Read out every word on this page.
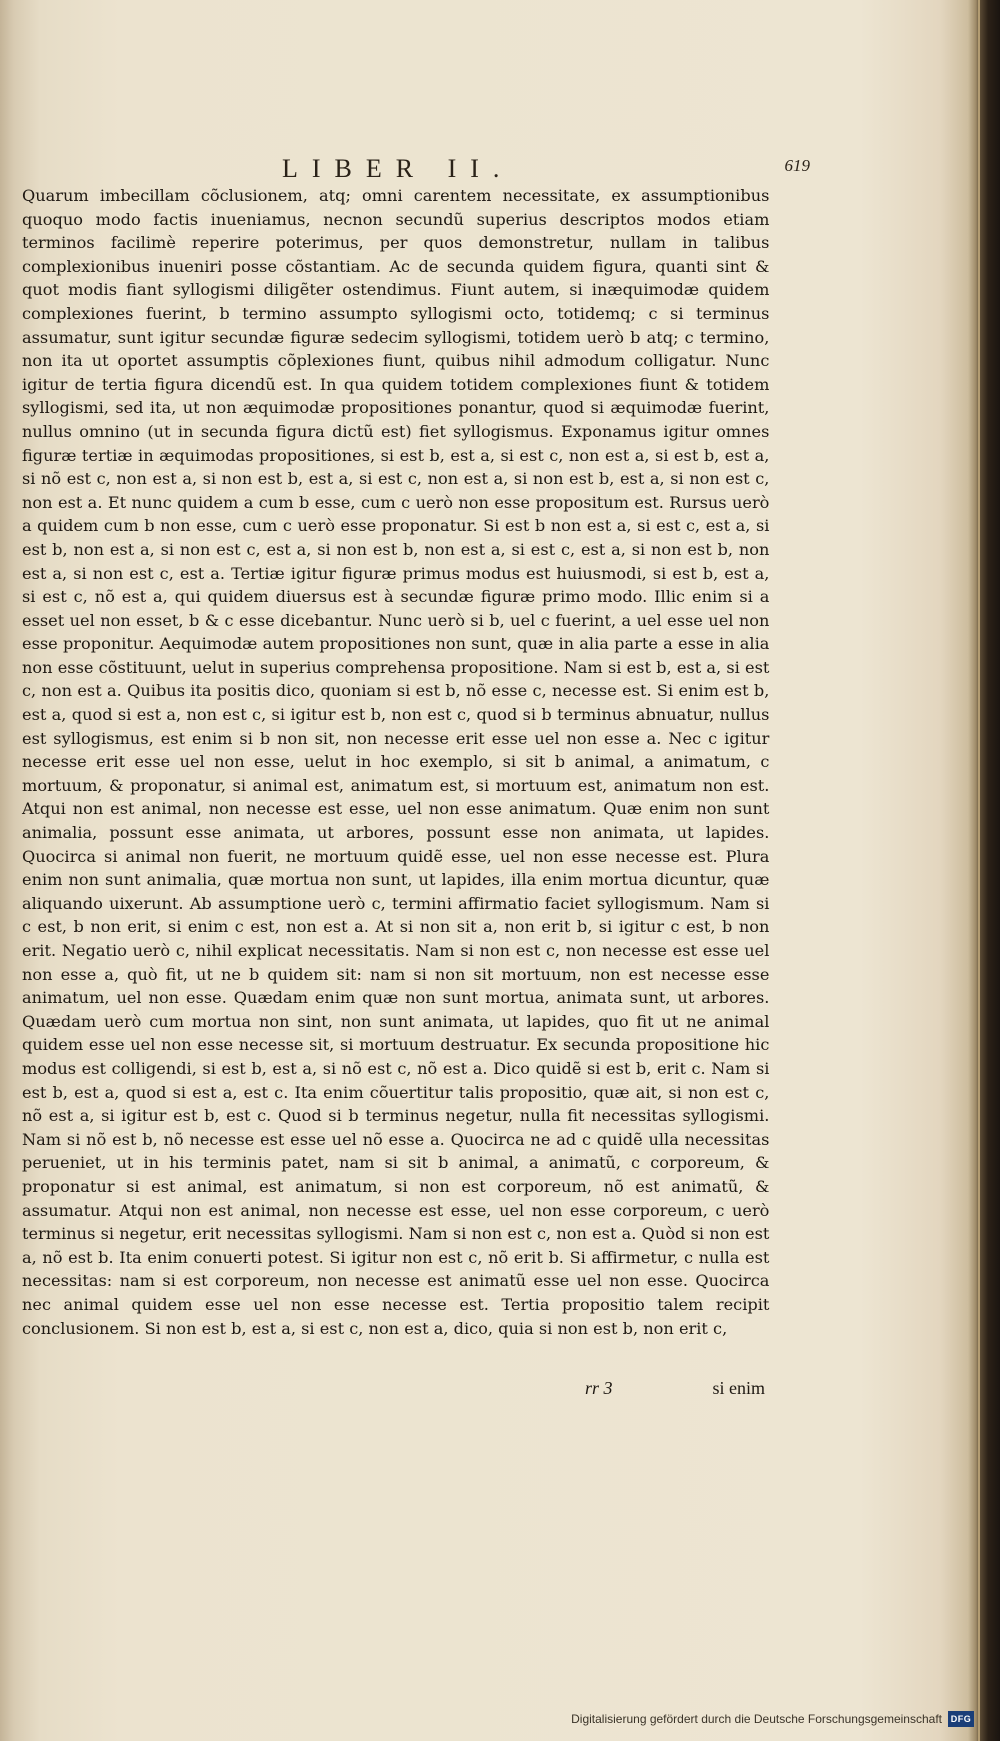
LIBER II.	619

Quarum imbecillam cõclusionem, atq; omni carentem necessitate, ex assumptionibus quoquo modo factis inueniamus, necnon secundũ superius descriptos modos etiam terminos facilimè reperire poterimus, per quos demonstretur, nullam in talibus complexionibus inueniri posse cõstantiam. Ac de secunda quidem figura, quanti sint & quot modis fiant syllogismi diligẽter ostendimus. Fiunt autem, si inæquimodæ quidem complexiones fuerint, b termino assumpto syllogismi octo, totidemq; c si terminus assumatur, sunt igitur secundæ figuræ sedecim syllogismi, totidem uerò b atq; c termino, non ita ut oportet assumptis cõplexiones fiunt, quibus nihil admodum colligatur. Nunc igitur de tertia figura dicendũ est. In qua quidem totidem complexiones fiunt & totidem syllogismi, sed ita, ut non æquimodæ propositiones ponantur, quod si æquimodæ fuerint, nullus omnino (ut in secunda figura dictũ est) fiet syllogismus. Exponamus igitur omnes figuræ tertiæ in æquimodas propositiones, si est b, est a, si est c, non est a, si est b, est a, si nõ est c, non est a, si non est b, est a, si est c, non est a, si non est b, est a, si non est c, non est a. Et nunc quidem a cum b esse, cum c uerò non esse propositum est. Rursus uerò a quidem cum b non esse, cum c uerò esse proponatur. Si est b non est a, si est c, est a, si est b, non est a, si non est c, est a, si non est b, non est a, si est c, est a, si non est b, non est a, si non est c, est a. Tertiæ igitur figuræ primus modus est huiusmodi, si est b, est a, si est c, nõ est a, qui quidem diuersus est à secundæ figuræ primo modo. Illic enim si a esset uel non esset, b & c esse dicebantur. Nunc uerò si b, uel c fuerint, a uel esse uel non esse proponitur. Aequimodæ autem propositiones non sunt, quæ in alia parte a esse in alia non esse cõstituunt, uelut in superius comprehensa propositione. Nam si est b, est a, si est c, non est a. Quibus ita positis dico, quoniam si est b, nõ esse c, necesse est. Si enim est b, est a, quod si est a, non est c, si igitur est b, non est c, quod si b terminus abnuatur, nullus est syllogismus, est enim si b non sit, non necesse erit esse uel non esse a. Nec c igitur necesse erit esse uel non esse, uelut in hoc exemplo, si sit b animal, a animatum, c mortuum, & proponatur, si animal est, animatum est, si mortuum est, animatum non est. Atqui non est animal, non necesse est esse, uel non esse animatum. Quæ enim non sunt animalia, possunt esse animata, ut arbores, possunt esse non animata, ut lapides. Quocirca si animal non fuerit, ne mortuum quidẽ esse, uel non esse necesse est. Plura enim non sunt animalia, quæ mortua non sunt, ut lapides, illa enim mortua dicuntur, quæ aliquando uixerunt. Ab assumptione uerò c, termini affirmatio faciet syllogismum. Nam si c est, b non erit, si enim c est, non est a. At si non sit a, non erit b, si igitur c est, b non erit. Negatio uerò c, nihil explicat necessitatis. Nam si non est c, non necesse est esse uel non esse a, quò fit, ut ne b quidem sit: nam si non sit mortuum, non est necesse esse animatum, uel non esse. Quædam enim quæ non sunt mortua, animata sunt, ut arbores. Quædam uerò cum mortua non sint, non sunt animata, ut lapides, quo fit ut ne animal quidem esse uel non esse necesse sit, si mortuum destruatur. Ex secunda propositione hic modus est colligendi, si est b, est a, si nõ est c, nõ est a. Dico quidẽ si est b, erit c. Nam si est b, est a, quod si est a, est c. Ita enim cõuertitur talis propositio, quæ ait, si non est c, nõ est a, si igitur est b, est c. Quod si b terminus negetur, nulla fit necessitas syllogismi. Nam si nõ est b, nõ necesse est esse uel nõ esse a. Quocirca ne ad c quidẽ ulla necessitas perueniet, ut in his terminis patet, nam si sit b animal, a animatũ, c corporeum, & proponatur si est animal, est animatum, si non est corporeum, nõ est animatũ, & assumatur. Atqui non est animal, non necesse est esse, uel non esse corporeum, c uerò terminus si negetur, erit necessitas syllogismi. Nam si non est c, non est a. Quòd si non est a, nõ est b. Ita enim conuerti potest. Si igitur non est c, nõ erit b. Si affirmetur, c nulla est necessitas: nam si est corporeum, non necesse est animatũ esse uel non esse. Quocirca nec animal quidem esse uel non esse necesse est. Tertia propositio talem recipit conclusionem. Si non est b, est a, si est c, non est a, dico, quia si non est b, non erit c,

rr 3	si enim
Digitalisierung gefördert durch die Deutsche Forschungsgemeinschaft DFG
